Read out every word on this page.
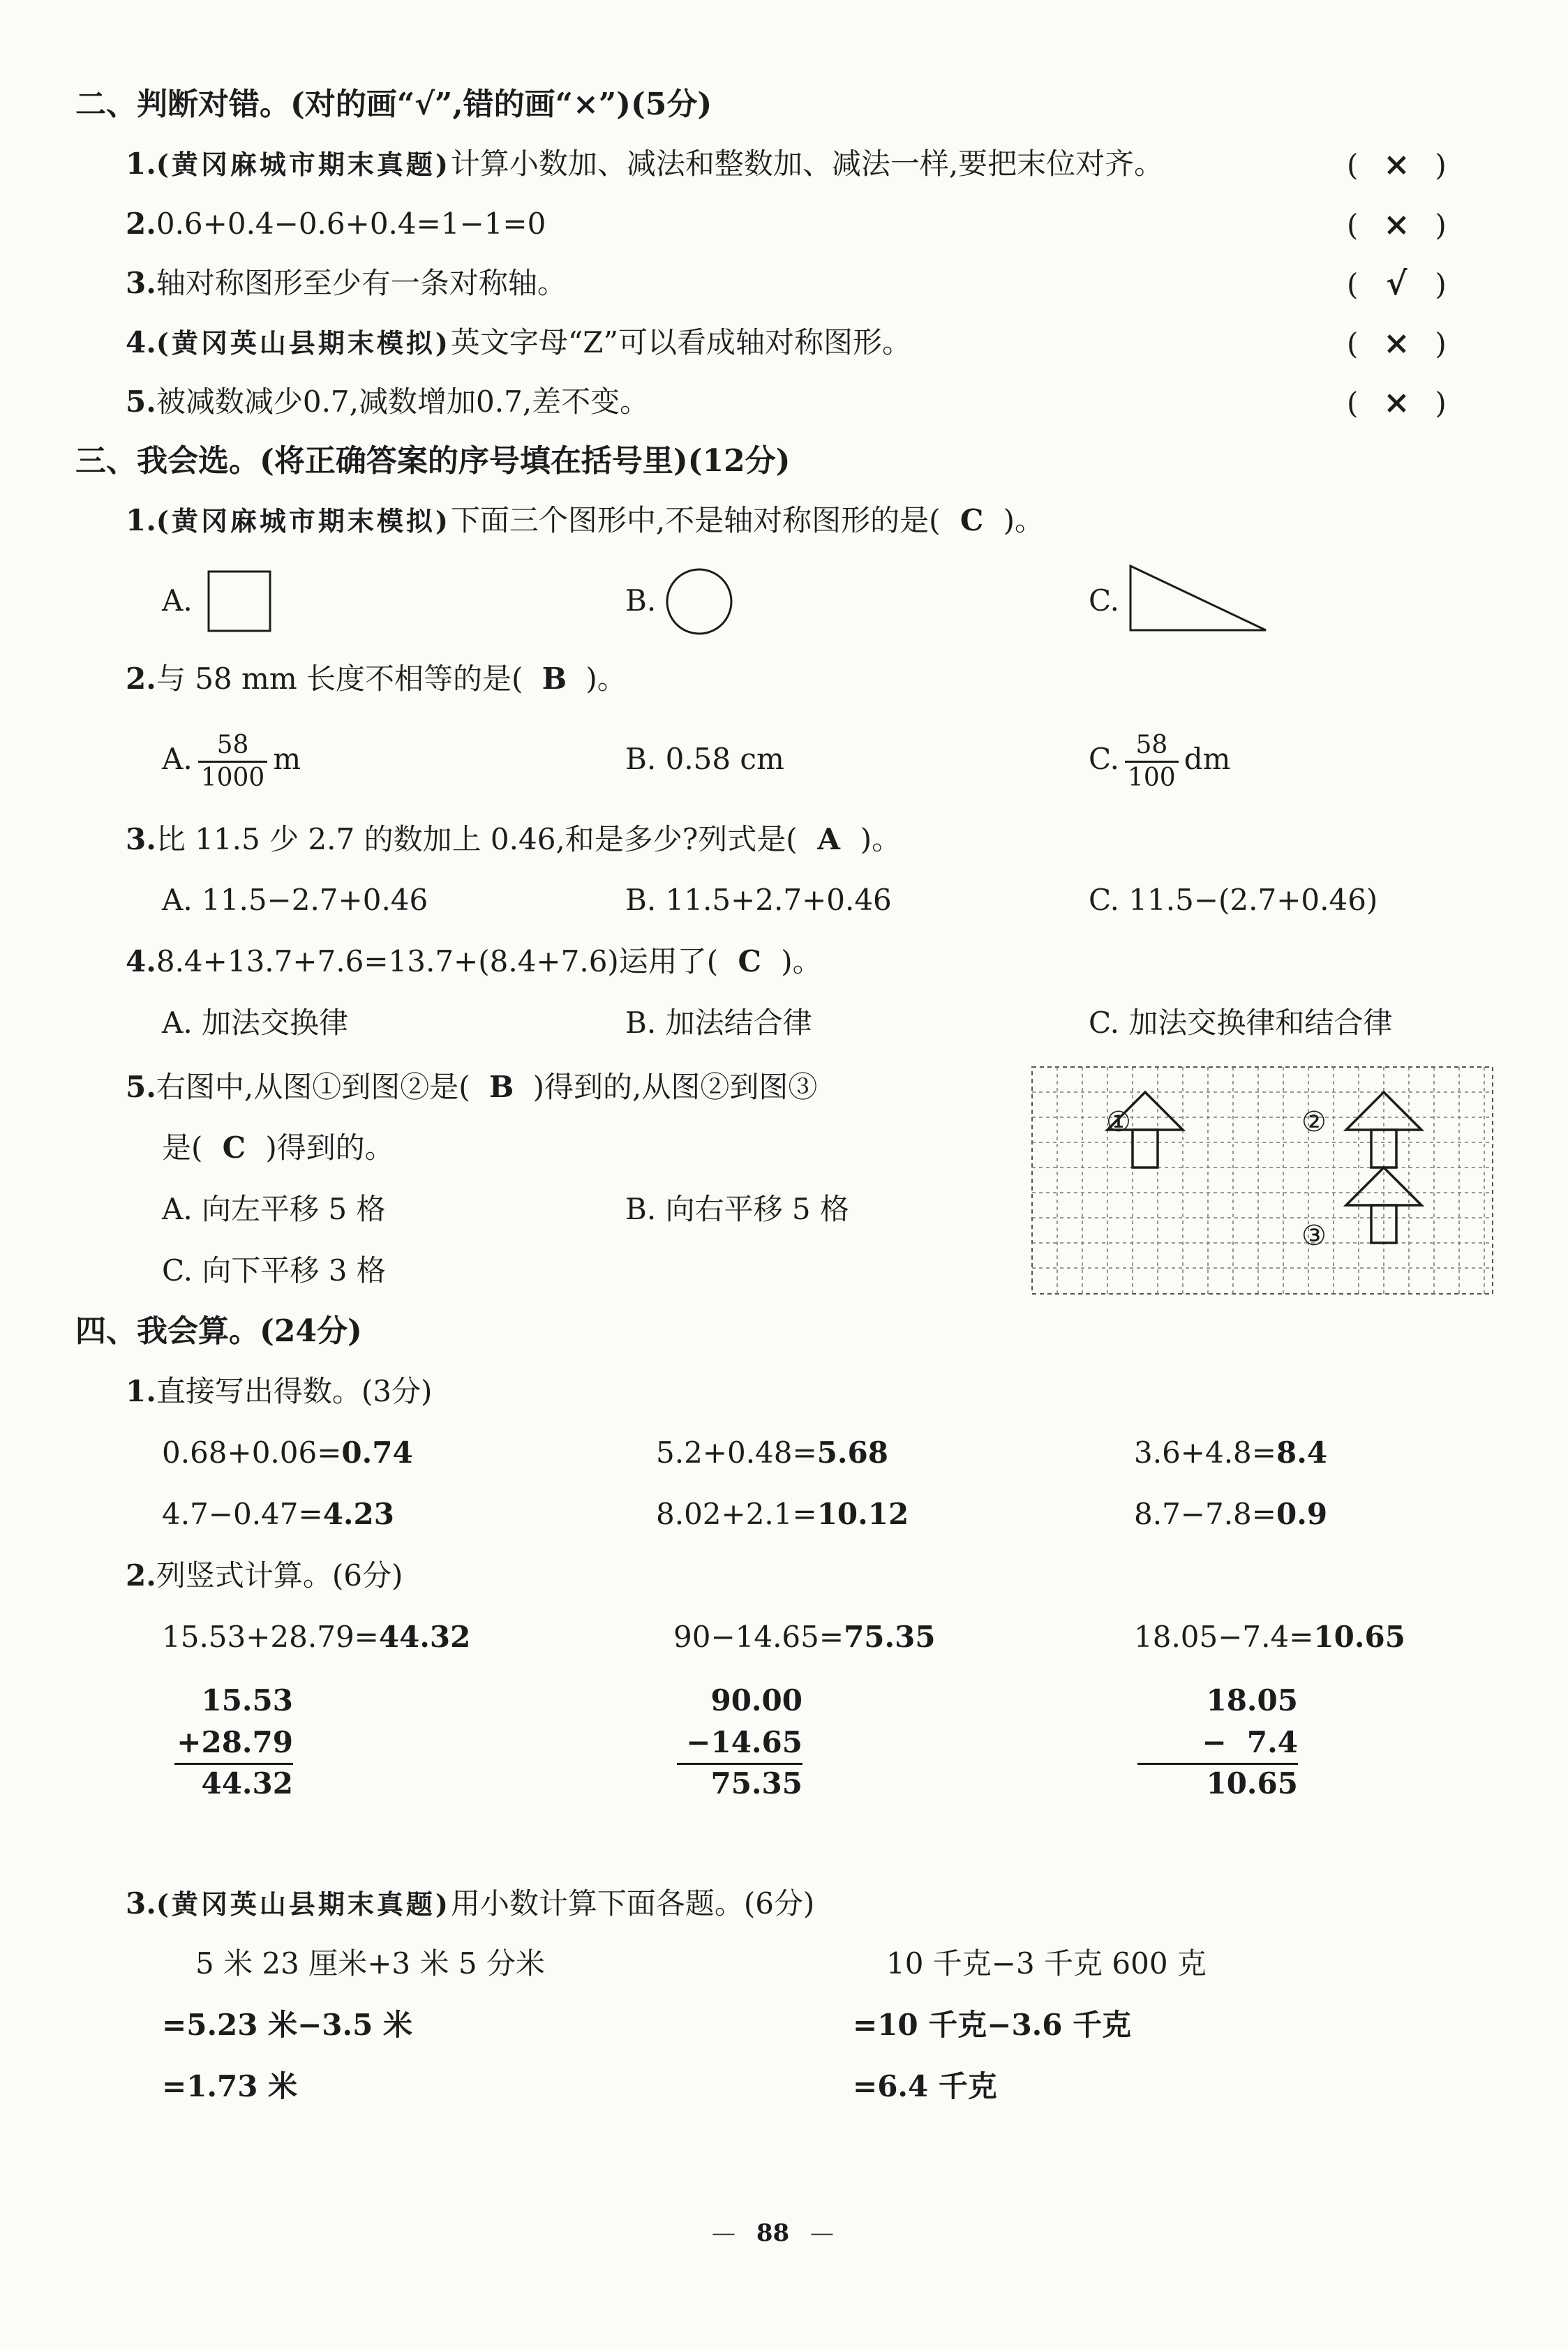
二、判断对错。(对的画“√”,错的画“×”)(5分)
1.(黄冈麻城市期末真题)计算小数加、减法和整数加、减法一样,要把末位对齐。	( × )
2.0.6+0.4−0.6+0.4=1−1=0	( × )
3.轴对称图形至少有一条对称轴。	( √ )
4.(黄冈英山县期末模拟)英文字母“Z”可以看成轴对称图形。	( × )
5.被减数减少0.7,减数增加0.7,差不变。	( × )
三、我会选。(将正确答案的序号填在括号里)(12分)
1.(黄冈麻城市期末模拟)下面三个图形中,不是轴对称图形的是( C )。
A.	B.	C.
2.与 58 mm 长度不相等的是( B )。
A. $\frac{58}{1000}$ m	B. 0.58 cm	C. $\frac{58}{100}$ dm
3.比 11.5 少 2.7 的数加上 0.46,和是多少?列式是( A )。
A. 11.5−2.7+0.46	B. 11.5+2.7+0.46	C. 11.5−(2.7+0.46)
4.8.4+13.7+7.6=13.7+(8.4+7.6)运用了( C )。
A. 加法交换律	B. 加法结合律	C. 加法交换律和结合律
5.右图中,从图①到图②是( B )得到的,从图②到图③
是( C )得到的。
A. 向左平移 5 格	B. 向右平移 5 格
C. 向下平移 3 格
①	②
③
四、我会算。(24分)
1.直接写出得数。(3分)
0.68+0.06=0.74	5.2+0.48=5.68	3.6+4.8=8.4
4.7−0.47=4.23	8.02+2.1=10.12	8.7−7.8=0.9
2.列竖式计算。(6分)
15.53+28.79=44.32	90−14.65=75.35	18.05−7.4=10.65
15.53
+28.79
44.32
90.00
−14.65
75.35
18.05
−  7.4
10.65
3.(黄冈英山县期末真题)用小数计算下面各题。(6分)
5 米 23 厘米+3 米 5 分米
=5.23 米−3.5 米
=1.73 米
10 千克−3 千克 600 克
=10 千克−3.6 千克
=6.4 千克
— 88 —
